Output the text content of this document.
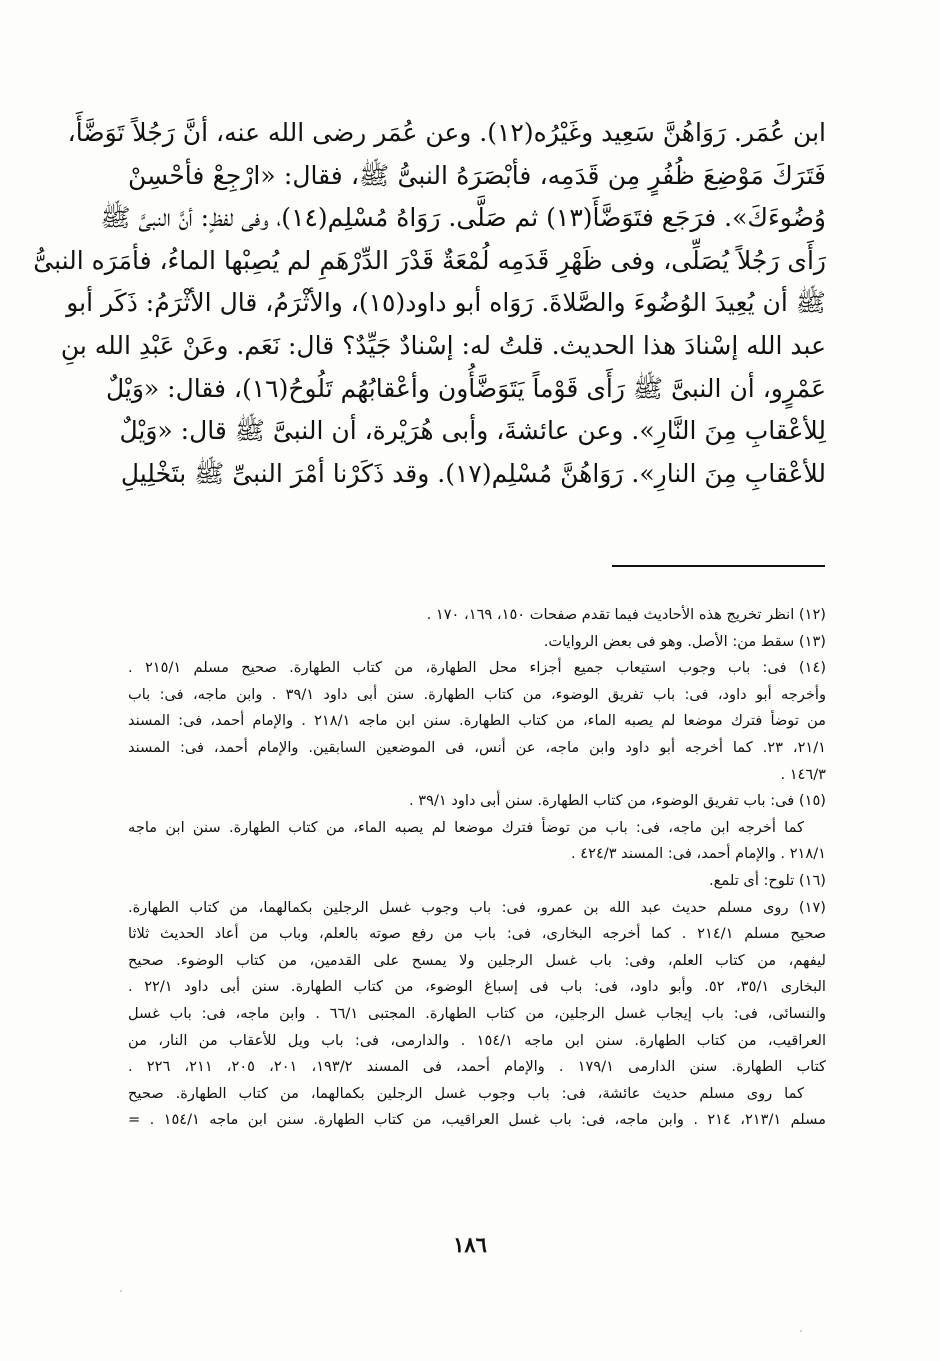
ابن عُمَر. رَوَاهُنَّ سَعِيد وغَيْرُه(١٢). وعن عُمَر رضى الله عنه، أنَّ رَجُلاً تَوَضَّأَ،
فَتَرَكَ مَوْضِعَ ظُفُرٍ مِن قَدَمِه، فأبْصَرَهُ النبىُّ ﷺ، فقال: «ارْجِعْ فأحْسِنْ
وُضُوءَكَ». فرَجَع فتَوَضَّأَ(١٣) ثم صَلَّى. رَوَاهُ مُسْلِم(١٤)، وفى لفظٍ: أنَّ النبىَّ ﷺ
رَأَى رَجُلاً يُصَلِّى، وفى ظَهْرِ قَدَمِه لُمْعَةٌ قَدْرَ الدِّرْهَمِ لم يُصِبْها الماءُ، فأمَرَه النبىُّ
ﷺ أن يُعِيدَ الوُضُوءَ والصَّلاةَ. رَوَاه أبو داود(١٥)، والأثْرَمُ، قال الأثْرَمُ: ذَكَر أبو
عبد الله إسْنادَ هذا الحديث. قلتُ له: إسْنادٌ جَيِّدٌ؟ قال: نَعَم. وعَنْ عَبْدِ الله بنِ
عَمْرٍو، أن النبىَّ ﷺ رَأَى قَوْماً يَتَوَضَّأُون وأعْقابُهُم تَلُوحُ(١٦)، فقال: «وَيْلٌ
لِلأعْقابِ مِنَ النَّارِ». وعن عائشةَ، وأبى هُرَيْرة، أن النبىَّ ﷺ قال: «وَيْلٌ
للأعْقابِ مِنَ النارِ». رَوَاهُنَّ مُسْلِم(١٧). وقد ذَكَرْنا أمْرَ النبىِّ ﷺ بتَخْلِيلِ
(١٢) انظر تخريج هذه الأحاديث فيما تقدم صفحات ١٥٠، ١٦٩، ١٧٠ .
(١٣) سقط من: الأصل. وهو فى بعض الروايات.
(١٤) فى: باب وجوب استيعاب جميع أجزاء محل الطهارة، من كتاب الطهارة. صحيح مسلم ٢١٥/١ .
وأخرجه أبو داود، فى: باب تفريق الوضوء، من كتاب الطهارة. سنن أبى داود ٣٩/١ . وابن ماجه، فى: باب
من توضأ فترك موضعا لم يصبه الماء، من كتاب الطهارة. سنن ابن ماجه ٢١٨/١ . والإمام أحمد، فى: المسند
٢١/١، ٢٣. كما أخرجه أبو داود وابن ماجه، عن أنس، فى الموضعين السابقين. والإمام أحمد، فى: المسند
١٤٦/٣ .
(١٥) فى: باب تفريق الوضوء، من كتاب الطهارة. سنن أبى داود ٣٩/١ .
كما أخرجه ابن ماجه، فى: باب من توضأ فترك موضعا لم يصبه الماء، من كتاب الطهارة. سنن ابن ماجه
٢١٨/١ . والإمام أحمد، فى: المسند ٤٢٤/٣ .
(١٦) تلوح: أى تلمع.
(١٧) روى مسلم حديث عبد الله بن عمرو، فى: باب وجوب غسل الرجلين بكمالهما، من كتاب الطهارة.
صحيح مسلم ٢١٤/١ . كما أخرجه البخارى، فى: باب من رفع صوته بالعلم، وباب من أعاد الحديث ثلاثا
ليفهم، من كتاب العلم، وفى: باب غسل الرجلين ولا يمسح على القدمين، من كتاب الوضوء. صحيح
البخارى ٣٥/١، ٥٢. وأبو داود، فى: باب فى إسباغ الوضوء، من كتاب الطهارة. سنن أبى داود ٢٢/١ .
والنسائى، فى: باب إيجاب غسل الرجلين، من كتاب الطهارة. المجتبى ٦٦/١ . وابن ماجه، فى: باب غسل
العراقيب، من كتاب الطهارة. سنن ابن ماجه ١٥٤/١ . والدارمى، فى: باب ويل للأعقاب من النار، من
كتاب الطهارة. سنن الدارمى ١٧٩/١ . والإمام أحمد، فى المسند ١٩٣/٢، ٢٠١، ٢٠٥، ٢١١، ٢٢٦ .
كما روى مسلم حديث عائشة، فى: باب وجوب غسل الرجلين بكمالهما، من كتاب الطهارة. صحيح
مسلم ٢١٣/١، ٢١٤ . وابن ماجه، فى: باب غسل العراقيب، من كتاب الطهارة. سنن ابن ماجه ١٥٤/١ . =
١٨٦
